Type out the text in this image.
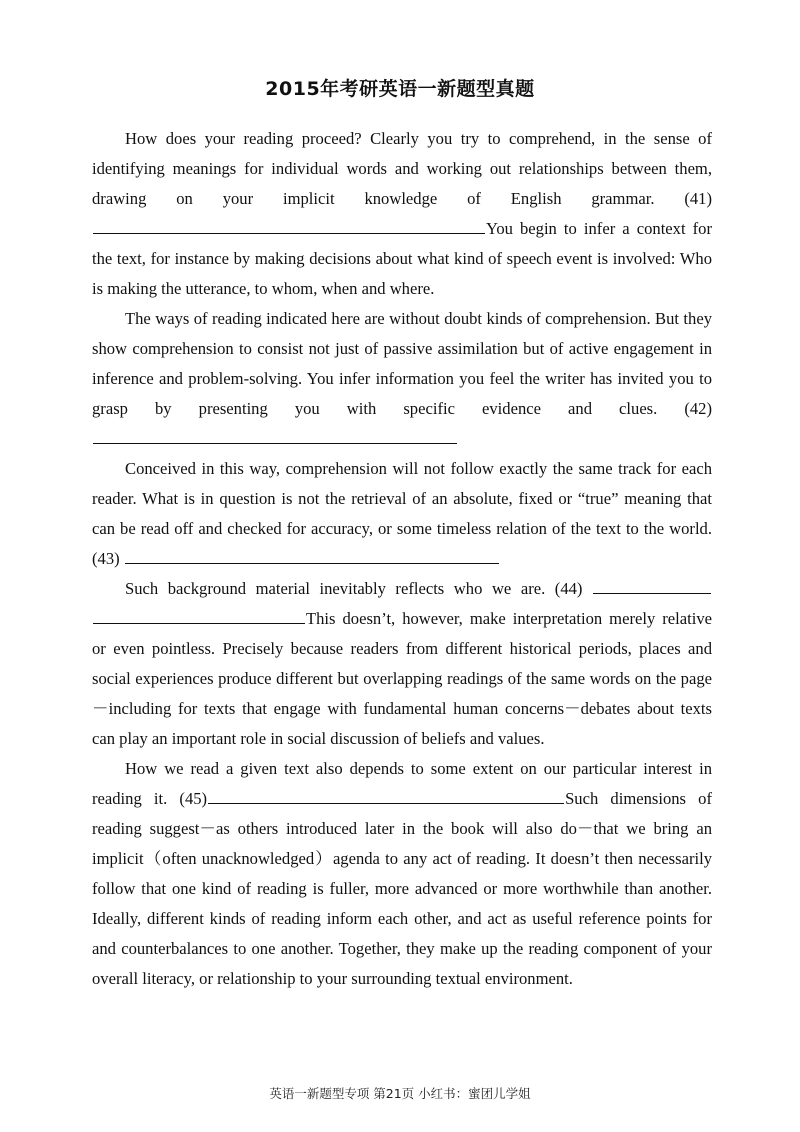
2015年考研英语一新题型真题

How does your reading proceed? Clearly you try to comprehend, in the sense of identifying meanings for individual words and working out relationships between them, drawing on your implicit knowledge of English grammar. (41) You begin to infer a context for the text, for instance by making decisions about what kind of speech event is involved: Who is making the utterance, to whom, when and where.

The ways of reading indicated here are without doubt kinds of comprehension. But they show comprehension to consist not just of passive assimilation but of active engagement in inference and problem-solving. You infer information you feel the writer has invited you to grasp by presenting you with specific evidence and clues. (42)

Conceived in this way, comprehension will not follow exactly the same track for each reader. What is in question is not the retrieval of an absolute, fixed or “true” meaning that can be read off and checked for accuracy, or some timeless relation of the text to the world. (43)

Such background material inevitably reflects who we are. (44)  This doesn’t, however, make interpretation merely relative or even pointless. Precisely because readers from different historical periods, places and social experiences produce different but overlapping readings of the same words on the page－including for texts that engage with fundamental human concerns－debates about texts can play an important role in social discussion of beliefs and values.

How we read a given text also depends to some extent on our particular interest in reading it. (45)	Such dimensions of reading suggest－as others introduced later in the book will also do－that we bring an implicit（often unacknowledged）agenda to any act of reading. It doesn’t then necessarily follow that one kind of reading is fuller, more advanced or more worthwhile than another. Ideally, different kinds of reading inform each other, and act as useful reference points for and counterbalances to one another. Together, they make up the reading component of your overall literacy, or relationship to your surrounding textual environment.

英语一新题型专项 第21页 小红书：蜜团儿学姐
